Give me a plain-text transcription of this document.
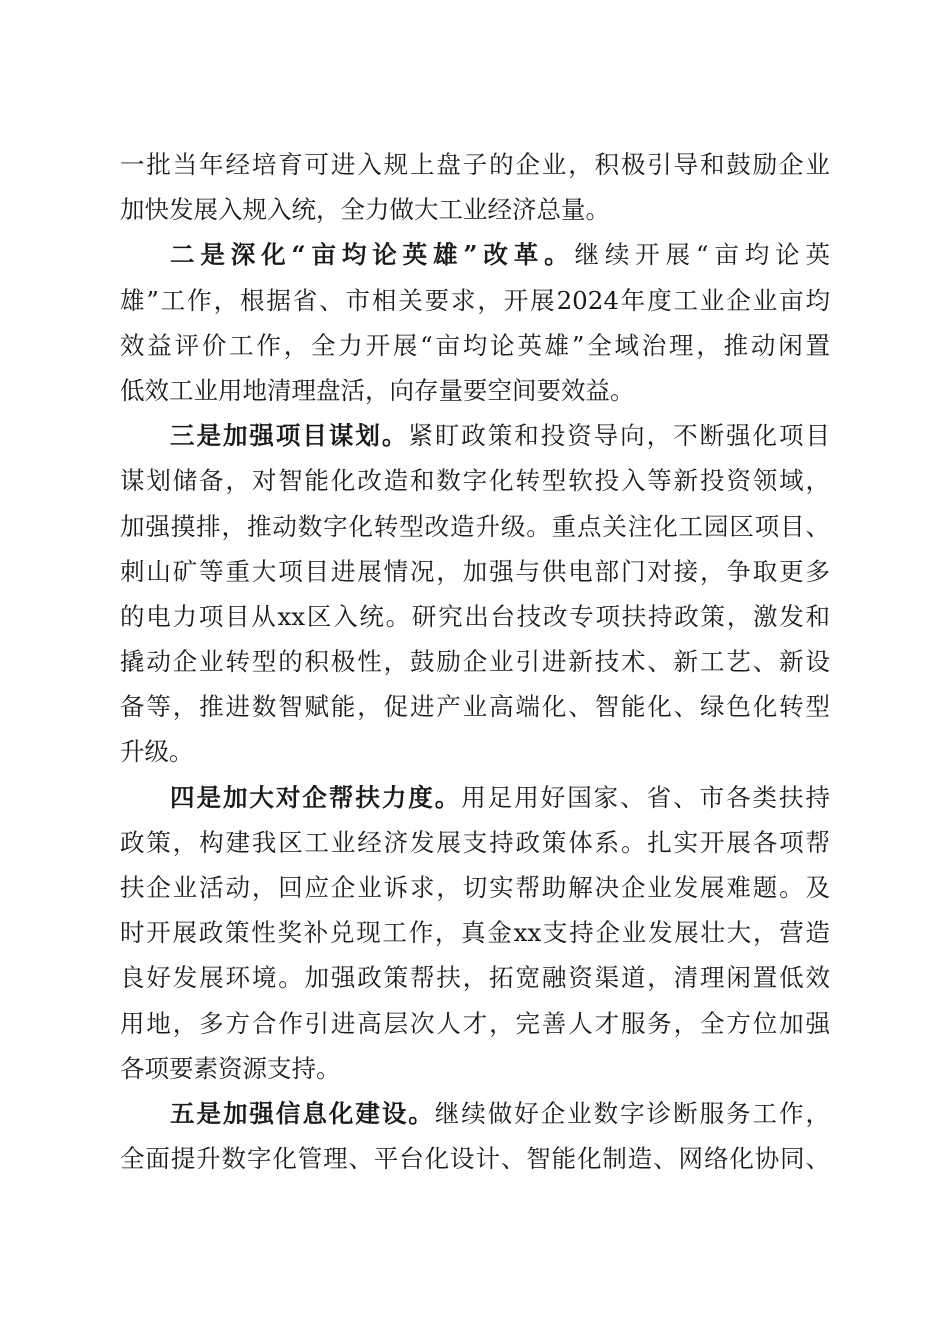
一批当年经培育可进入规上盘子的企业，积极引导和鼓励企业
加快发展入规入统，全力做大工业经济总量。
二是深化“亩均论英雄”改革。继续开展“亩均论英
雄”工作，根据省、市相关要求，开展2024年度工业企业亩均
效益评价工作，全力开展“亩均论英雄”全域治理，推动闲置
低效工业用地清理盘活，向存量要空间要效益。
三是加强项目谋划。紧盯政策和投资导向，不断强化项目
谋划储备，对智能化改造和数字化转型软投入等新投资领域，
加强摸排，推动数字化转型改造升级。重点关注化工园区项目、
刺山矿等重大项目进展情况，加强与供电部门对接，争取更多
的电力项目从xx区入统。研究出台技改专项扶持政策，激发和
撬动企业转型的积极性，鼓励企业引进新技术、新工艺、新设
备等，推进数智赋能，促进产业高端化、智能化、绿色化转型
升级。
四是加大对企帮扶力度。用足用好国家、省、市各类扶持
政策，构建我区工业经济发展支持政策体系。扎实开展各项帮
扶企业活动，回应企业诉求，切实帮助解决企业发展难题。及
时开展政策性奖补兑现工作，真金xx支持企业发展壮大，营造
良好发展环境。加强政策帮扶，拓宽融资渠道，清理闲置低效
用地，多方合作引进高层次人才，完善人才服务，全方位加强
各项要素资源支持。
五是加强信息化建设。继续做好企业数字诊断服务工作，
全面提升数字化管理、平台化设计、智能化制造、网络化协同、
